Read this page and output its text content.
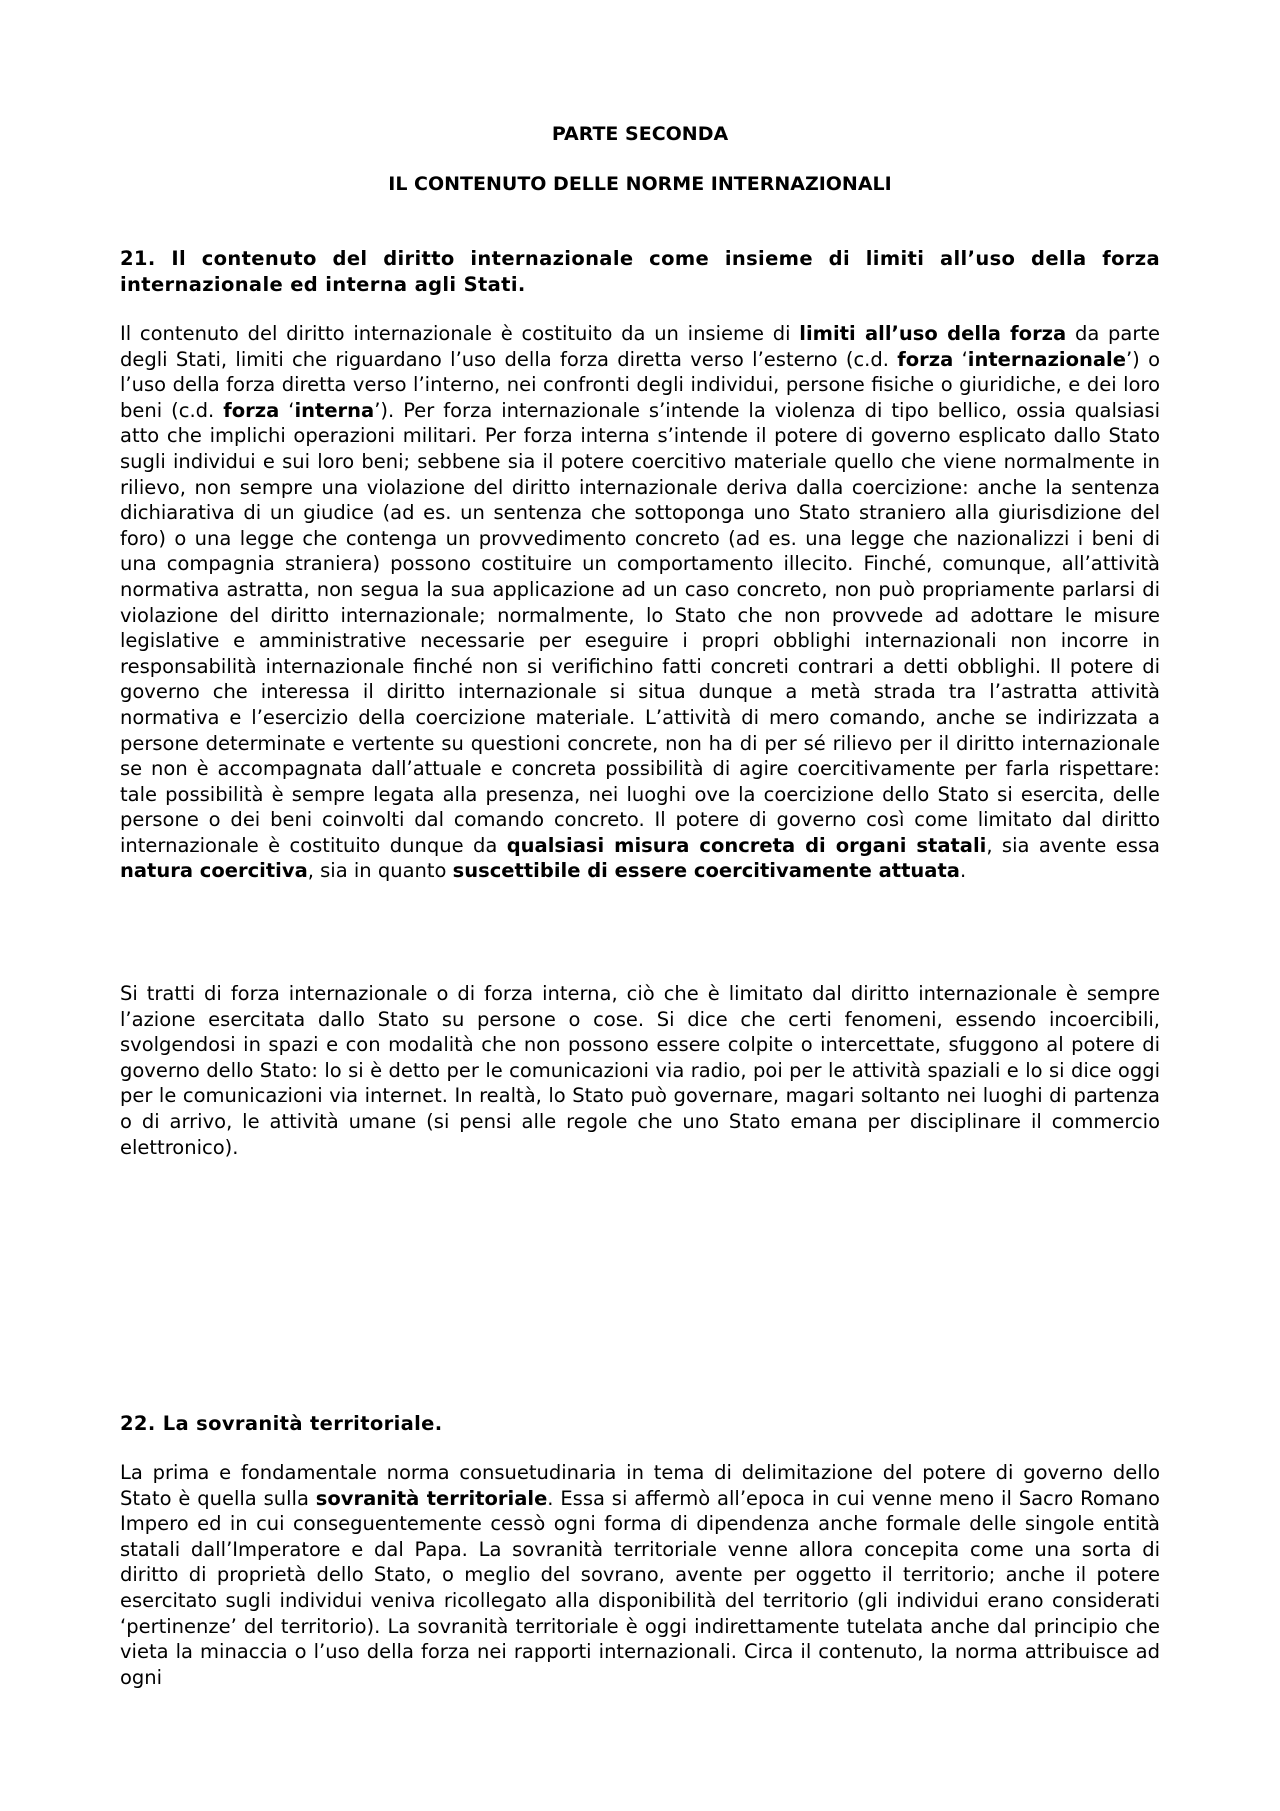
PARTE SECONDA
IL CONTENUTO DELLE NORME INTERNAZIONALI
21. Il contenuto del diritto internazionale come insieme di limiti all’uso della forza internazionale ed interna agli Stati.

Il contenuto del diritto internazionale è costituito da un insieme di limiti all’uso della forza da parte degli Stati, limiti che riguardano l’uso della forza diretta verso l’esterno (c.d. forza ‘internazionale’) o l’uso della forza diretta verso l’interno, nei confronti degli individui, persone fisiche o giuridiche, e dei loro beni (c.d. forza ‘interna’). Per forza internazionale s’intende la violenza di tipo bellico, ossia qualsiasi atto che implichi operazioni militari. Per forza interna s’intende il potere di governo esplicato dallo Stato sugli individui e sui loro beni; sebbene sia il potere coercitivo materiale quello che viene normalmente in rilievo, non sempre una violazione del diritto internazionale deriva dalla coercizione: anche la sentenza dichiarativa di un giudice (ad es. un sentenza che sottoponga uno Stato straniero alla giurisdizione del foro) o una legge che contenga un provvedimento concreto (ad es. una legge che nazionalizzi i beni di una compagnia straniera) possono costituire un comportamento illecito. Finché, comunque, all’attività normativa astratta, non segua la sua applicazione ad un caso concreto, non può propriamente parlarsi di violazione del diritto internazionale; normalmente, lo Stato che non provvede ad adottare le misure legislative e amministrative necessarie per eseguire i propri obblighi internazionali non incorre in responsabilità internazionale finché non si verifichino fatti concreti contrari a detti obblighi. Il potere di governo che interessa il diritto internazionale si situa dunque a metà strada tra l’astratta attività normativa e l’esercizio della coercizione materiale. L’attività di mero comando, anche se indirizzata a persone determinate e vertente su questioni concrete, non ha di per sé rilievo per il diritto internazionale se non è accompagnata dall’attuale e concreta possibilità di agire coercitivamente per farla rispettare: tale possibilità è sempre legata alla presenza, nei luoghi ove la coercizione dello Stato si esercita, delle persone o dei beni coinvolti dal comando concreto. Il potere di governo così come limitato dal diritto internazionale è costituito dunque da qualsiasi misura concreta di organi statali, sia avente essa natura coercitiva, sia in quanto suscettibile di essere coercitivamente attuata.

Si tratti di forza internazionale o di forza interna, ciò che è limitato dal diritto internazionale è sempre l’azione esercitata dallo Stato su persone o cose. Si dice che certi fenomeni, essendo incoercibili, svolgendosi in spazi e con modalità che non possono essere colpite o intercettate, sfuggono al potere di governo dello Stato: lo si è detto per le comunicazioni via radio, poi per le attività spaziali e lo si dice oggi per le comunicazioni via internet. In realtà, lo Stato può governare, magari soltanto nei luoghi di partenza o di arrivo, le attività umane (si pensi alle regole che uno Stato emana per disciplinare il commercio elettronico).

22. La sovranità territoriale.

La prima e fondamentale norma consuetudinaria in tema di delimitazione del potere di governo dello Stato è quella sulla sovranità territoriale. Essa si affermò all’epoca in cui venne meno il Sacro Romano Impero ed in cui conseguentemente cessò ogni forma di dipendenza anche formale delle singole entità statali dall’Imperatore e dal Papa. La sovranità territoriale venne allora concepita come una sorta di diritto di proprietà dello Stato, o meglio del sovrano, avente per oggetto il territorio; anche il potere esercitato sugli individui veniva ricollegato alla disponibilità del territorio (gli individui erano considerati ‘pertinenze’ del territorio). La sovranità territoriale è oggi indirettamente tutelata anche dal principio che vieta la minaccia o l’uso della forza nei rapporti internazionali. Circa il contenuto, la norma attribuisce ad ogni
